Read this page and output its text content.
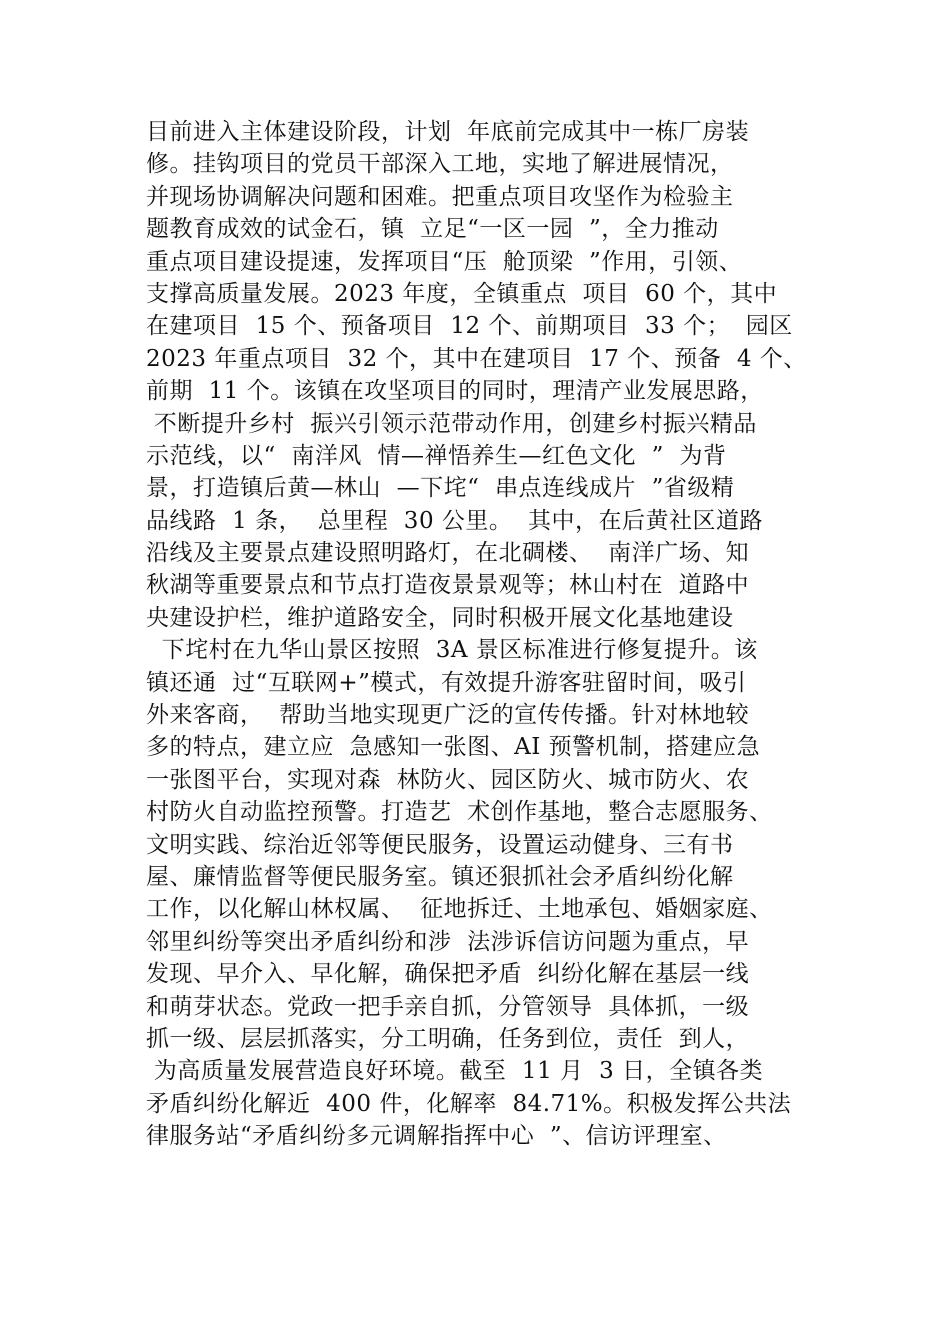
目前进入主体建设阶段，计划  年底前完成其中一栋厂房装
修。挂钩项目的党员干部深入工地，实地了解进展情况，
并现场协调解决问题和困难。把重点项目攻坚作为检验主
题教育成效的试金石，镇  立足“一区一园  ”，全力推动
重点项目建设提速，发挥项目“压  舱顶梁  ”作用，引领、
支撑高质量发展。2023 年度，全镇重点  项目  60 个，其中
在建项目  15 个、预备项目  12 个、前期项目  33 个；  园区
2023 年重点项目  32 个，其中在建项目  17 个、预备  4 个、
前期  11 个。该镇在攻坚项目的同时，理清产业发展思路，
不断提升乡村  振兴引领示范带动作用，创建乡村振兴精品
示范线，以“  南洋风  情—禅悟养生—红色文化  ”  为背
景，打造镇后黄—林山  —下垞“  串点连线成片  ”省级精
品线路  1 条，  总里程  30 公里。  其中，在后黄社区道路
沿线及主要景点建设照明路灯，在北碉楼、  南洋广场、知
秋湖等重要景点和节点打造夜景景观等；林山村在  道路中
央建设护栏，维护道路安全，同时积极开展文化基地建设
下垞村在九华山景区按照  3A 景区标准进行修复提升。该
镇还通  过“互联网+”模式，有效提升游客驻留时间，吸引
外来客商，  帮助当地实现更广泛的宣传传播。针对林地较
多的特点，建立应  急感知一张图、AI 预警机制，搭建应急
一张图平台，实现对森  林防火、园区防火、城市防火、农
村防火自动监控预警。打造艺  术创作基地，整合志愿服务、
文明实践、综治近邻等便民服务，设置运动健身、三有书
屋、廉情监督等便民服务室。镇还狠抓社会矛盾纠纷化解
工作，以化解山林权属、  征地拆迁、土地承包、婚姻家庭、
邻里纠纷等突出矛盾纠纷和涉  法涉诉信访问题为重点，早
发现、早介入、早化解，确保把矛盾  纠纷化解在基层一线
和萌芽状态。党政一把手亲自抓，分管领导  具体抓，一级
抓一级、层层抓落实，分工明确，任务到位，责任  到人，
为高质量发展营造良好环境。截至  11 月  3 日，全镇各类
矛盾纠纷化解近  400 件，化解率  84.71%。积极发挥公共法
律服务站“矛盾纠纷多元调解指挥中心  ”、信访评理室、
